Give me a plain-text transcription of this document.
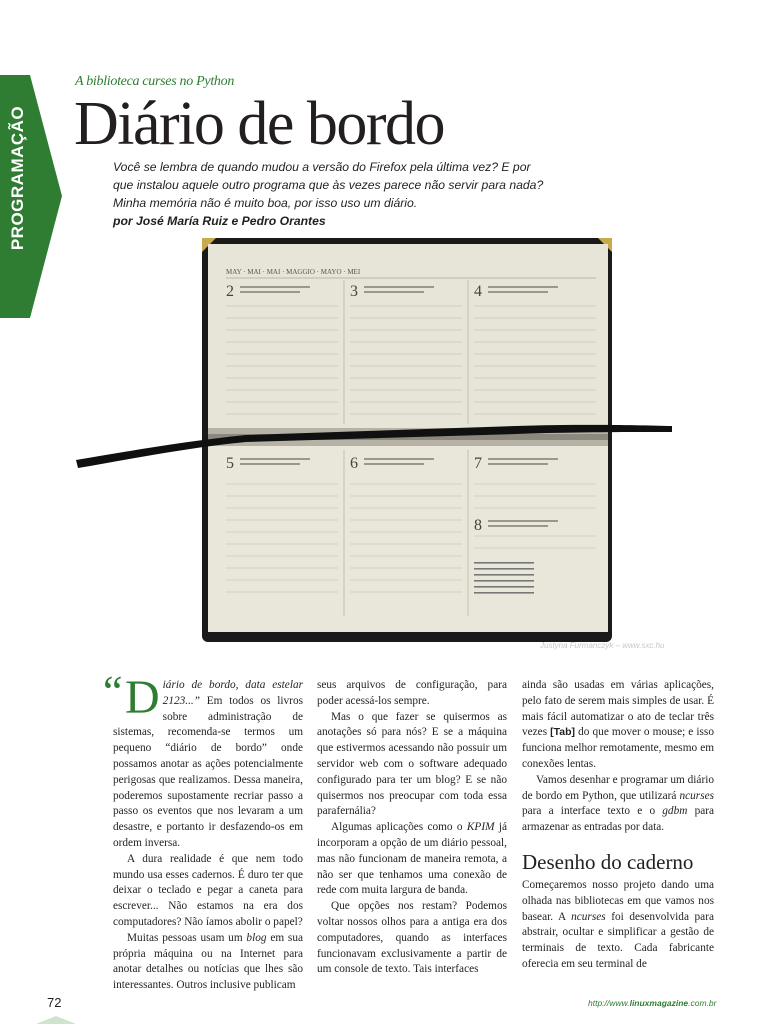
PROGRAMAÇÃO
A biblioteca curses no Python
Diário de bordo

Você se lembra de quando mudou a versão do Firefox pela última vez? E por que instalou aquele outro programa que às vezes parece não servir para nada? Minha memória não é muito boa, por isso uso um diário.

por José María Ruiz e Pedro Orantes
MAY · MAI · MAI · MAGGIO · MAYO · MEI
2	3	4
5	6	7
8
Justyna Furmanczyk – www.sxc.hu
“ Diário de bordo, data estelar 2123...” Em todos os livros sobre administração de sistemas, recomenda-se termos um pequeno “diário de bordo” onde possamos anotar as ações potencialmente perigosas que realizamos. Dessa maneira, poderemos supostamente recriar passo a passo os eventos que nos levaram a um desastre, e portanto ir desfazendo-os em ordem inversa.

A dura realidade é que nem todo mundo usa esses cadernos. É duro ter que deixar o teclado e pegar a caneta para escrever... Não estamos na era dos computadores? Não íamos abolir o papel?

Muitas pessoas usam um blog em sua própria máquina ou na Internet para anotar detalhes ou notícias que lhes são interessantes. Outros inclusive publicam

seus arquivos de configuração, para poder acessá-los sempre.

Mas o que fazer se quisermos as anotações só para nós? E se a máquina que estivermos acessando não possuir um servidor web com o software adequado configurado para ter um blog? E se não quisermos nos preocupar com toda essa parafernália?

Algumas aplicações como o KPIM já incorporam a opção de um diário pessoal, mas não funcionam de maneira remota, a não ser que tenhamos uma conexão de rede com muita largura de banda.

Que opções nos restam? Podemos voltar nossos olhos para a antiga era dos computadores, quando as interfaces funcionavam exclusivamente a partir de um console de texto. Tais interfaces

ainda são usadas em várias aplicações, pelo fato de serem mais simples de usar. É mais fácil automatizar o ato de teclar três vezes [Tab] do que mover o mouse; e isso funciona melhor remotamente, mesmo em conexões lentas.

Vamos desenhar e programar um diário de bordo em Python, que utilizará ncurses para a interface texto e o gdbm para armazenar as entradas por data.

Desenho do caderno

Começaremos nosso projeto dando uma olhada nas bibliotecas em que vamos nos basear. A ncurses foi desenvolvida para abstrair, ocultar e simplificar a gestão de terminais de texto. Cada fabricante oferecia em seu terminal de

72	http://www.linuxmagazine.com.br
